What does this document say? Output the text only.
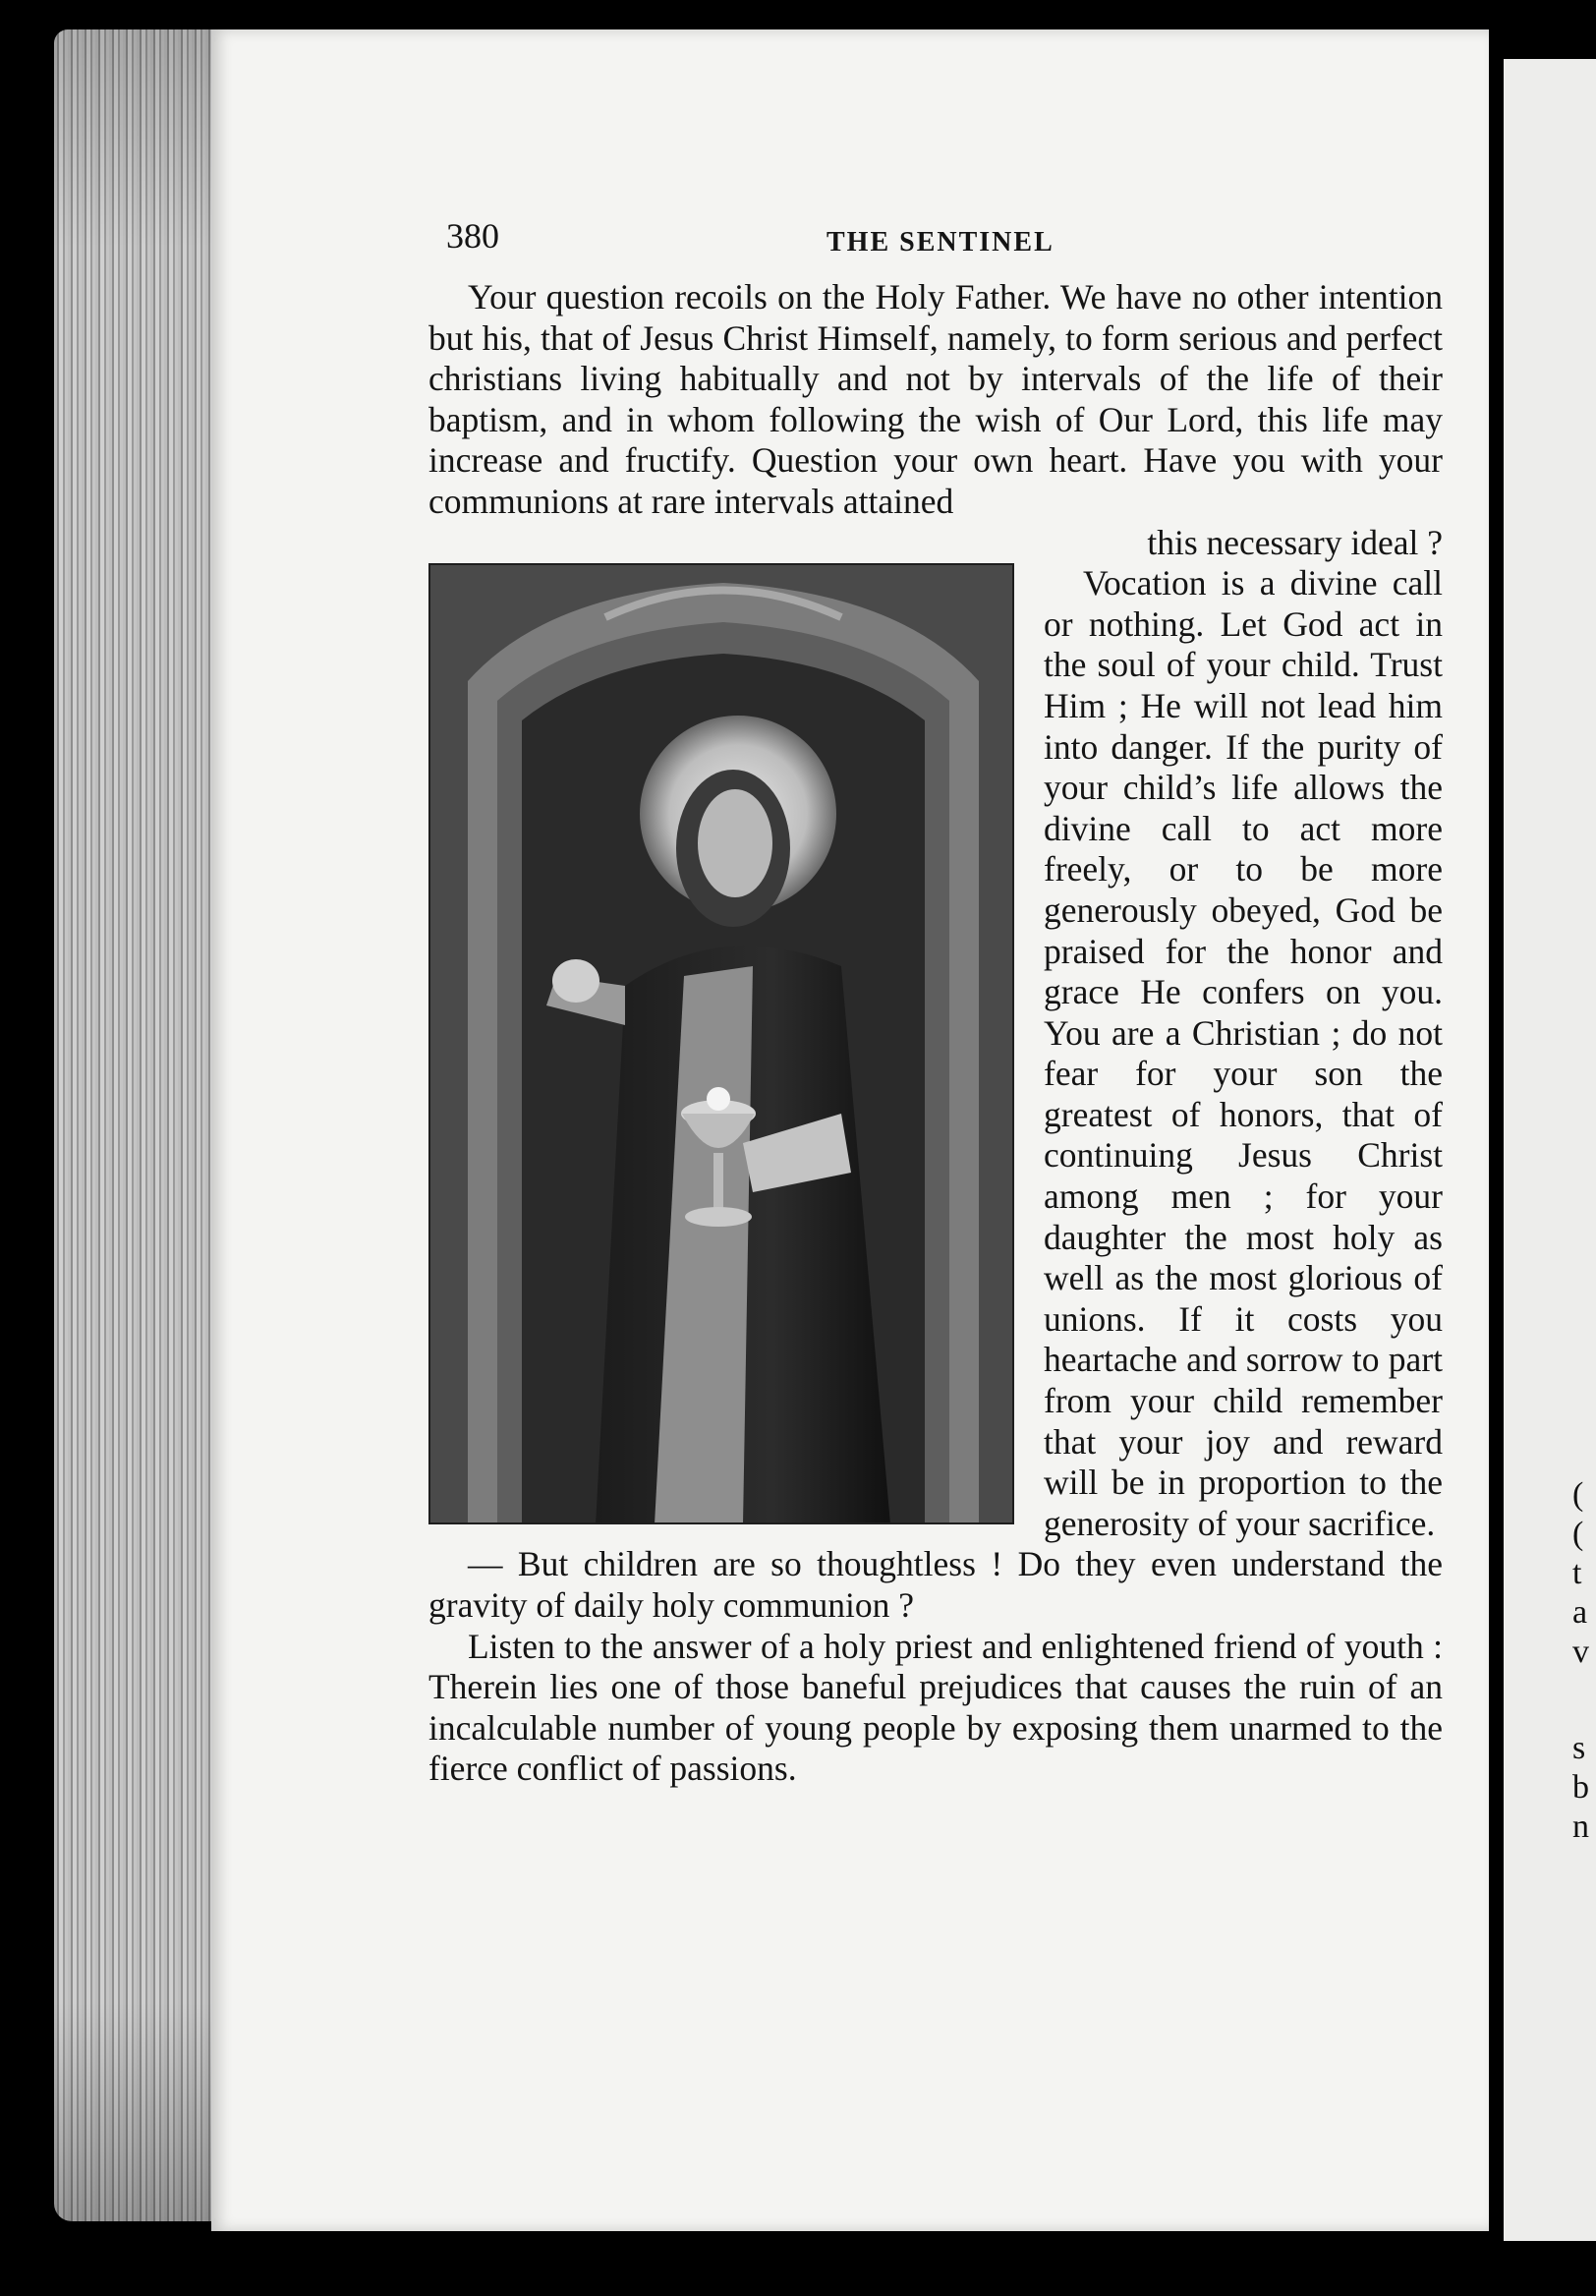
(
(
t
a
v
s
b
n
380	THE SENTINEL

Your question recoils on the Holy Father. We have no other intention but his, that of Jesus Christ Himself, namely, to form serious and perfect christians living habitually and not by intervals of the life of their baptism, and in whom following the wish of Our Lord, this life may increase and fructify. Question your own heart. Have you with your communions at rare intervals attained

this necessary ideal ?

Vocation is a divine call or nothing. Let God act in the soul of your child. Trust Him ; He will not lead him into danger. If the purity of your child’s life allows the divine call to act more freely, or to be more generously obeyed, God be praised for the honor and grace He confers on you. You are a Christian ; do not fear for your son the greatest of honors, that of continuing Jesus Christ among men ; for your daughter the most holy as well as the most glorious of unions. If it costs you heartache and sorrow to part from your child remember that your joy and reward will be in proportion to the generosity of your sacrifice.

— But children are so thoughtless ! Do they even understand the gravity of daily holy communion ?

Listen to the answer of a holy priest and enlightened friend of youth : Therein lies one of those baneful prejudices that causes the ruin of an incalculable number of young people by exposing them unarmed to the fierce conflict of passions.
